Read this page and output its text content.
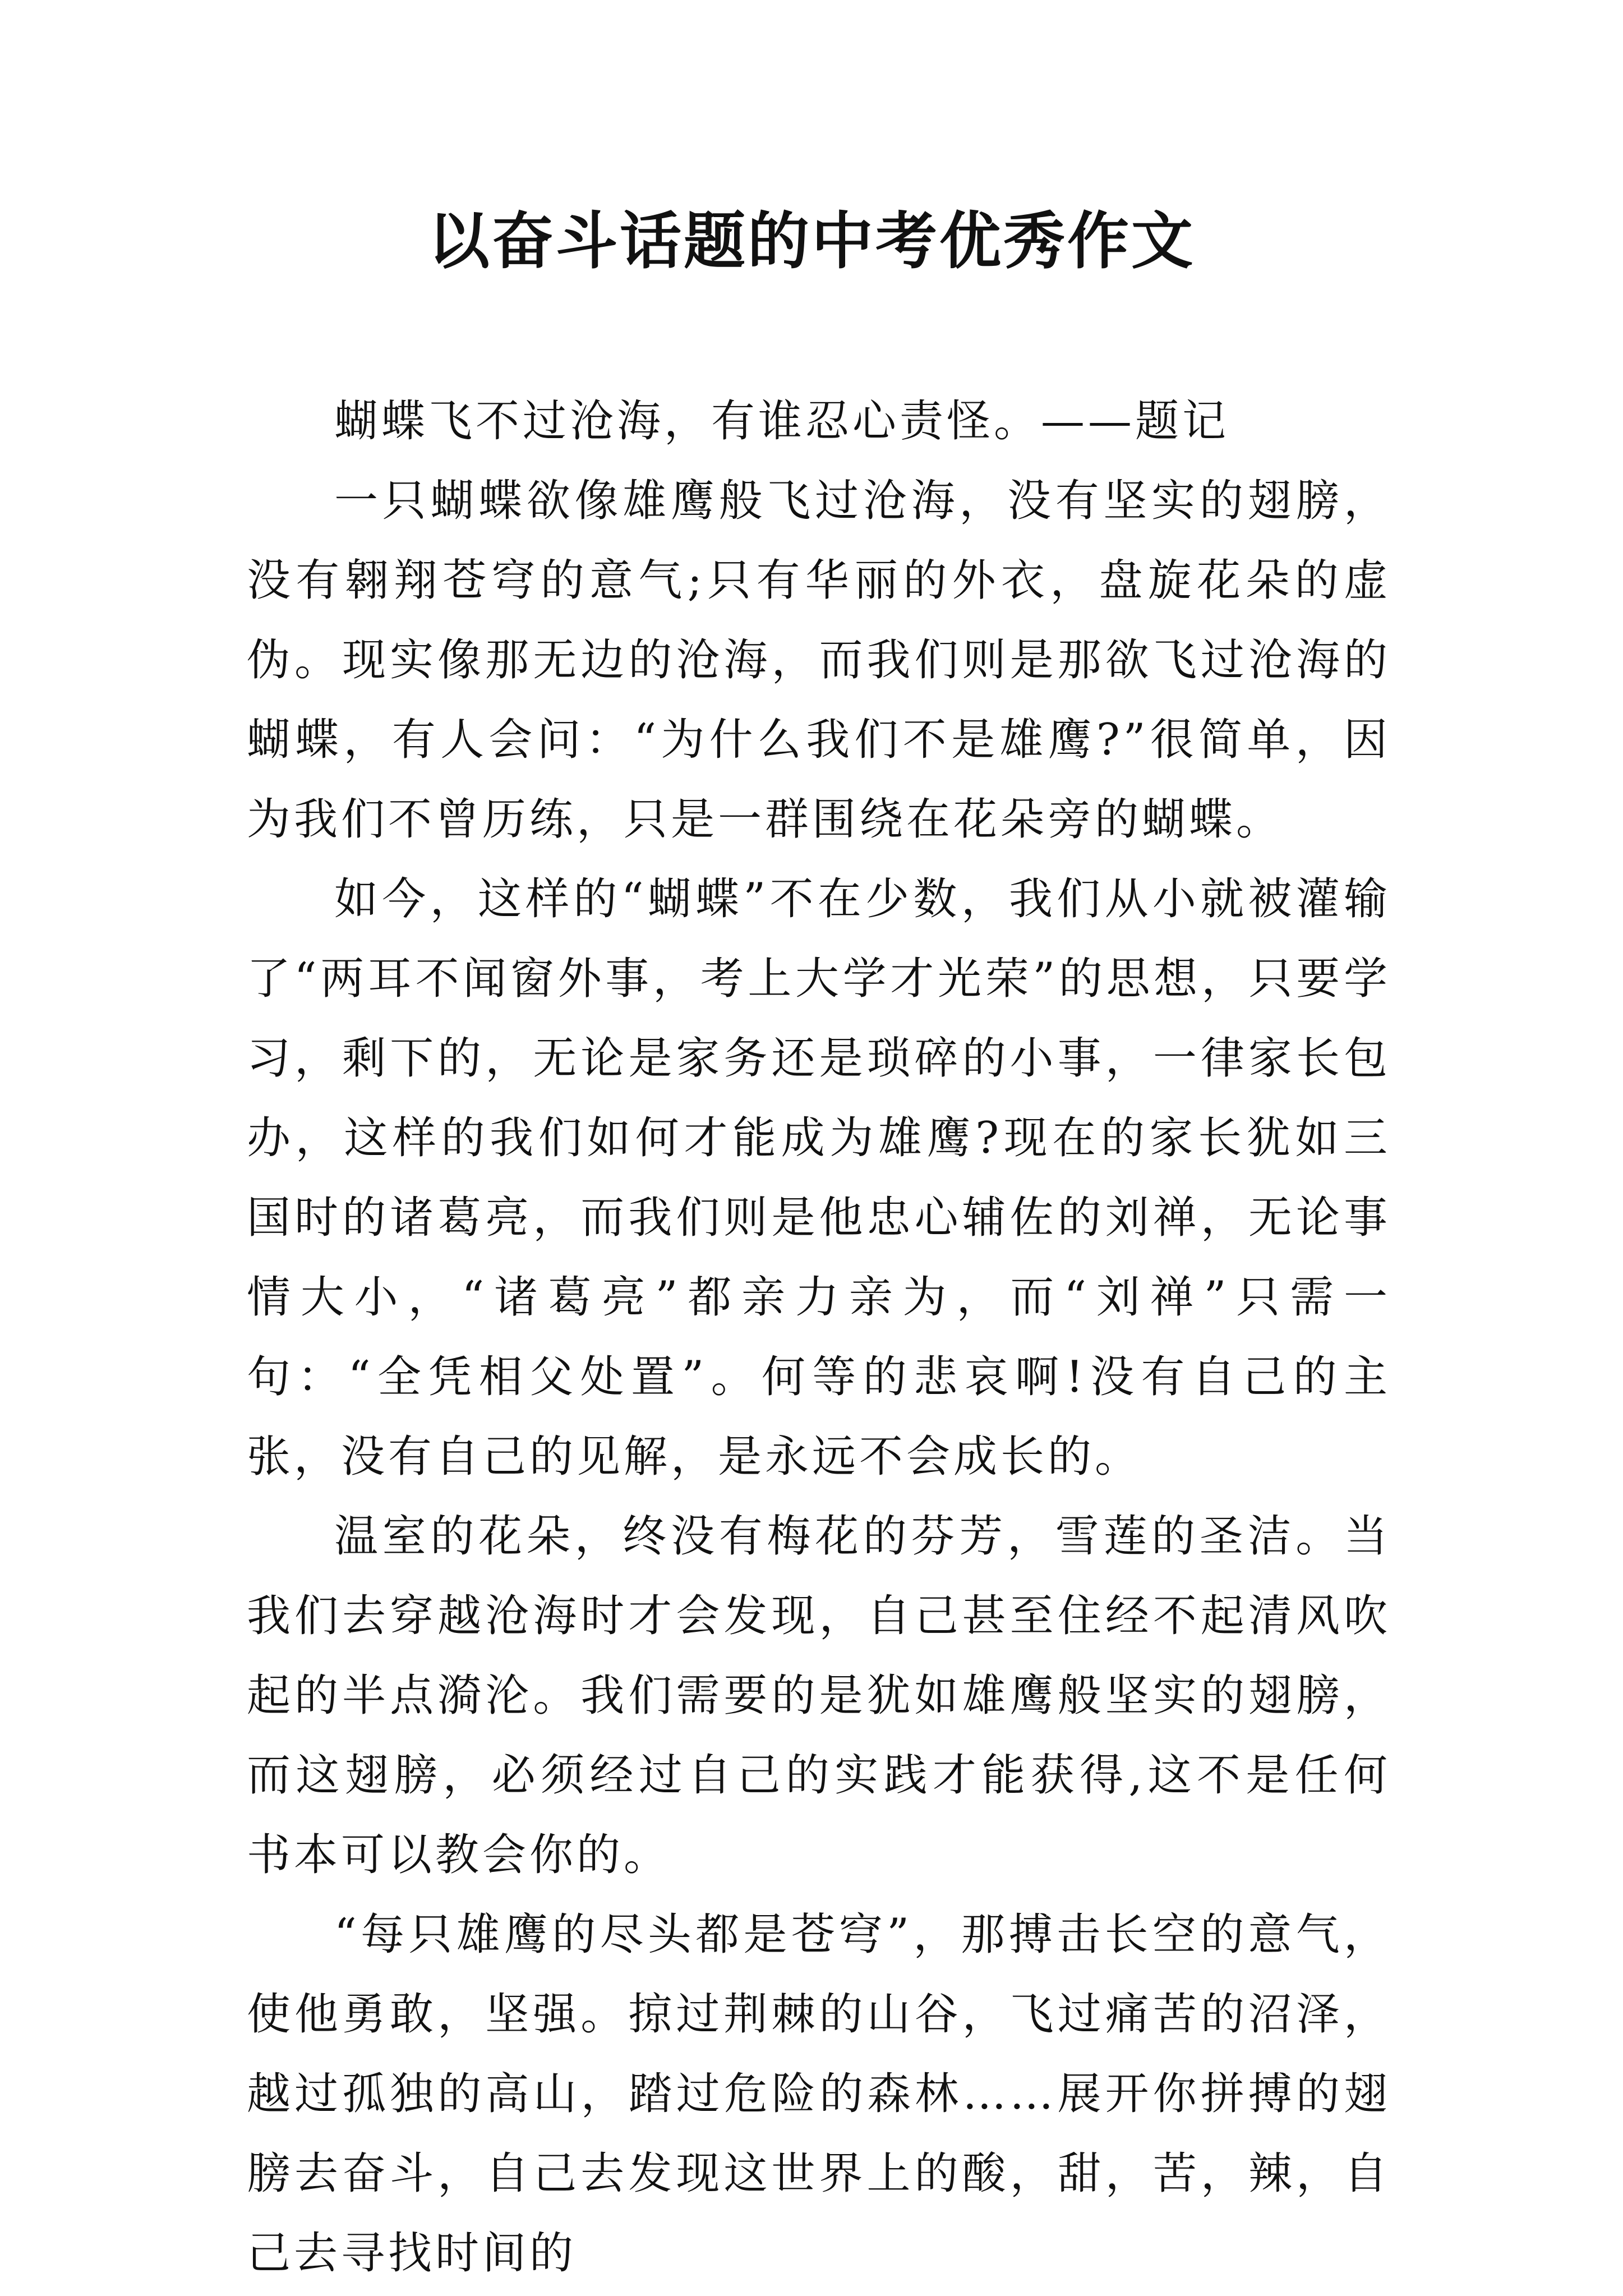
以奋斗话题的中考优秀作文

蝴蝶飞不过沧海，有谁忍心责怪。——题记

一只蝴蝶欲像雄鹰般飞过沧海，没有坚实的翅膀，没有翱翔苍穹的意气;只有华丽的外衣，盘旋花朵的虚伪。现实像那无边的沧海，而我们则是那欲飞过沧海的蝴蝶，有人会问：“为什么我们不是雄鹰?”很简单，因为我们不曾历练，只是一群围绕在花朵旁的蝴蝶。

如今，这样的“蝴蝶”不在少数，我们从小就被灌输了“两耳不闻窗外事，考上大学才光荣”的思想，只要学习，剩下的，无论是家务还是琐碎的小事，一律家长包办，这样的我们如何才能成为雄鹰?现在的家长犹如三国时的诸葛亮，而我们则是他忠心辅佐的刘禅，无论事情大小，“诸葛亮”都亲力亲为，而“刘禅”只需一句：“全凭相父处置”。何等的悲哀啊!没有自己的主张，没有自己的见解，是永远不会成长的。

温室的花朵，终没有梅花的芬芳，雪莲的圣洁。当我们去穿越沧海时才会发现，自己甚至住经不起清风吹起的半点漪沦。我们需要的是犹如雄鹰般坚实的翅膀，而这翅膀，必须经过自己的实践才能获得,这不是任何书本可以教会你的。

“每只雄鹰的尽头都是苍穹”，那搏击长空的意气，使他勇敢，坚强。掠过荆棘的山谷，飞过痛苦的沼泽，越过孤独的高山，踏过危险的森林……展开你拼搏的翅膀去奋斗，自己去发现这世界上的酸，甜，苦，辣，自己去寻找时间的
